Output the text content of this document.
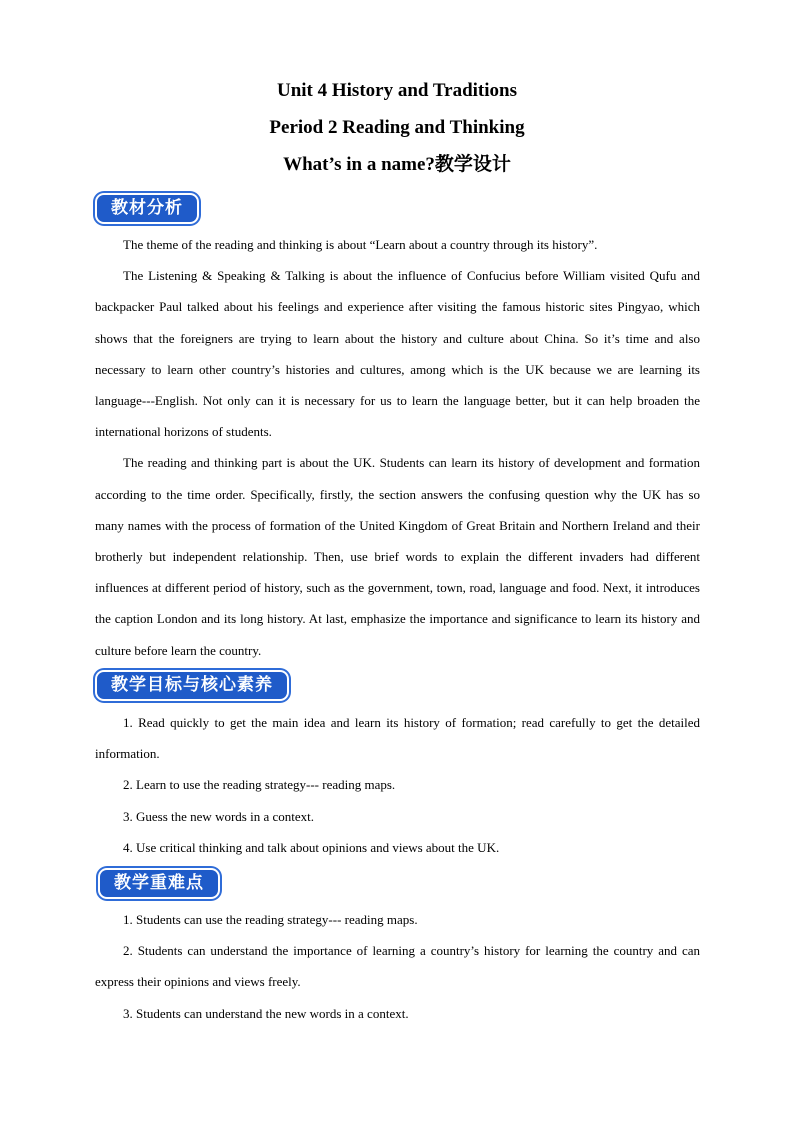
Unit 4 History and Traditions
Period 2 Reading and Thinking
What’s in a name?教学设计
教材分析

The theme of the reading and thinking is about “Learn about a country through its history”.

The Listening & Speaking & Talking is about the influence of Confucius before William visited Qufu and backpacker Paul talked about his feelings and experience after visiting the famous historic sites Pingyao, which shows that the foreigners are trying to learn about the history and culture about China. So it’s time and also necessary to learn other country’s histories and cultures, among which is the UK because we are learning its language---English. Not only can it is necessary for us to learn the language better, but it can help broaden the international horizons of students.

The reading and thinking part is about the UK. Students can learn its history of development and formation according to the time order. Specifically, firstly, the section answers the confusing question why the UK has so many names with the process of formation of the United Kingdom of Great Britain and Northern Ireland and their brotherly but independent relationship. Then, use brief words to explain the different invaders had different influences at different period of history, such as the government, town, road, language and food. Next, it introduces the caption London and its long history. At last, emphasize the importance and significance to learn its history and culture before learn the country.

教学目标与核心素养

1. Read quickly to get the main idea and learn its history of formation; read carefully to get the detailed information.

2. Learn to use the reading strategy--- reading maps.

3. Guess the new words in a context.

4. Use critical thinking and talk about opinions and views about the UK.

教学重难点

1. Students can use the reading strategy--- reading maps.

2. Students can understand the importance of learning a country’s history for learning the country and can express their opinions and views freely.

3. Students can understand the new words in a context.
